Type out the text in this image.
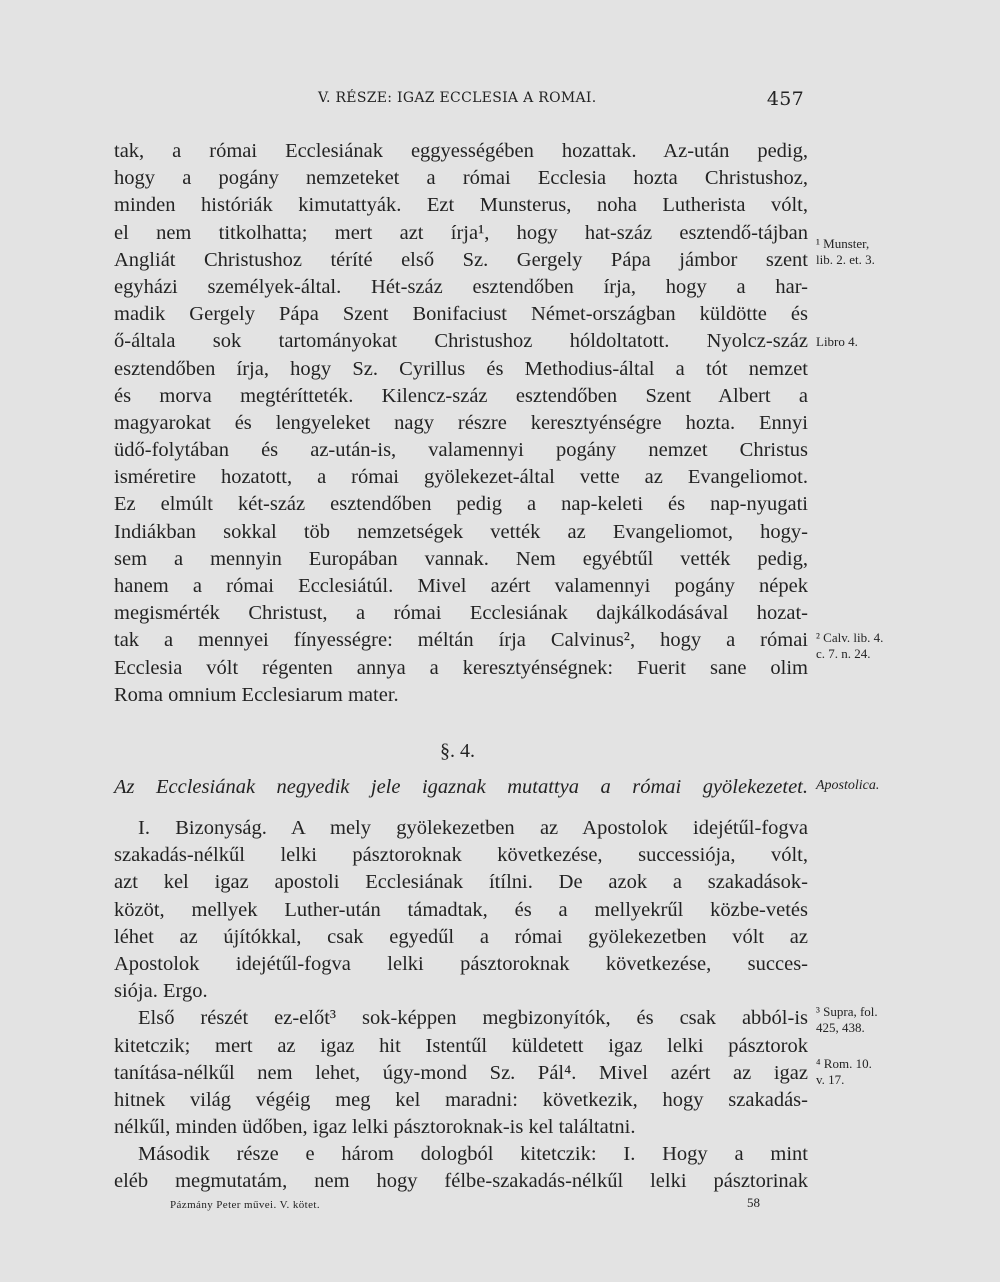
V. RÉSZE: IGAZ ECCLESIA A ROMAI.	457
tak, a római Ecclesiának eggyességében hozattak. Az-után pedig,
hogy a pogány nemzeteket a római Ecclesia hozta Christushoz,
minden históriák kimutattyák. Ezt Munsterus, noha Lutherista vólt,
el nem titkolhatta; mert azt írja¹, hogy hat-száz esztendő-tájban
Angliát Christushoz téríté első Sz. Gergely Pápa jámbor szent
egyházi személyek-által. Hét-száz esztendőben írja, hogy a har-
madik Gergely Pápa Szent Bonifaciust Német-országban küldötte és
ő-általa sok tartományokat Christushoz hóldoltatott. Nyolcz-száz
esztendőben írja, hogy Sz. Cyrillus és Methodius-által a tót nemzet
és morva megtérítteték. Kilencz-száz esztendőben Szent Albert a
magyarokat és lengyeleket nagy részre keresztyénségre hozta. Ennyi
üdő-folytában és az-után-is, valamennyi pogány nemzet Christus
isméretire hozatott, a római gyölekezet-által vette az Evangeliomot.
Ez elmúlt két-száz esztendőben pedig a nap-keleti és nap-nyugati
Indiákban sokkal töb nemzetségek vették az Evangeliomot, hogy-
sem a mennyin Europában vannak. Nem egyébtűl vették pedig,
hanem a római Ecclesiátúl. Mivel azért valamennyi pogány népek
megismérték Christust, a római Ecclesiának dajkálkodásával hozat-
tak a mennyei fínyességre: méltán írja Calvinus², hogy a római
Ecclesia vólt régenten annya a keresztyénségnek: Fuerit sane olim
Roma omnium Ecclesiarum mater.
§. 4.
Az Ecclesiának negyedik jele igaznak mutattya a római gyölekezetet.
I. Bizonyság. A mely gyölekezetben az Apostolok idejétűl-fogva
szakadás-nélkűl lelki pásztoroknak következése, successiója, vólt,
azt kel igaz apostoli Ecclesiának ítílni. De azok a szakadások-
közöt, mellyek Luther-után támadtak, és a mellyekrűl közbe-vetés
léhet az újítókkal, csak egyedűl a római gyölekezetben vólt az
Apostolok idejétűl-fogva lelki pásztoroknak következése, succes-
siója. Ergo.
Első részét ez-előt³ sok-képpen megbizonyítók, és csak abból-is
kitetczik; mert az igaz hit Istentűl küldetett igaz lelki pásztorok
tanítása-nélkűl nem lehet, úgy-mond Sz. Pál⁴. Mivel azért az igaz
hitnek világ végéig meg kel maradni: következik, hogy szakadás-
nélkűl, minden üdőben, igaz lelki pásztoroknak-is kel találtatni.
Második része e három dologból kitetczik: I. Hogy a mint
eléb megmutatám, nem hogy félbe-szakadás-nélkűl lelki pásztorinak
¹ Munster,
lib. 2. et. 3.
Libro 4.
² Calv. lib. 4.
c. 7. n. 24.
Apostolica.
³ Supra, fol.
425, 438.
⁴ Rom. 10.
v. 17.
Pázmány Peter művei. V. kötet.	58
